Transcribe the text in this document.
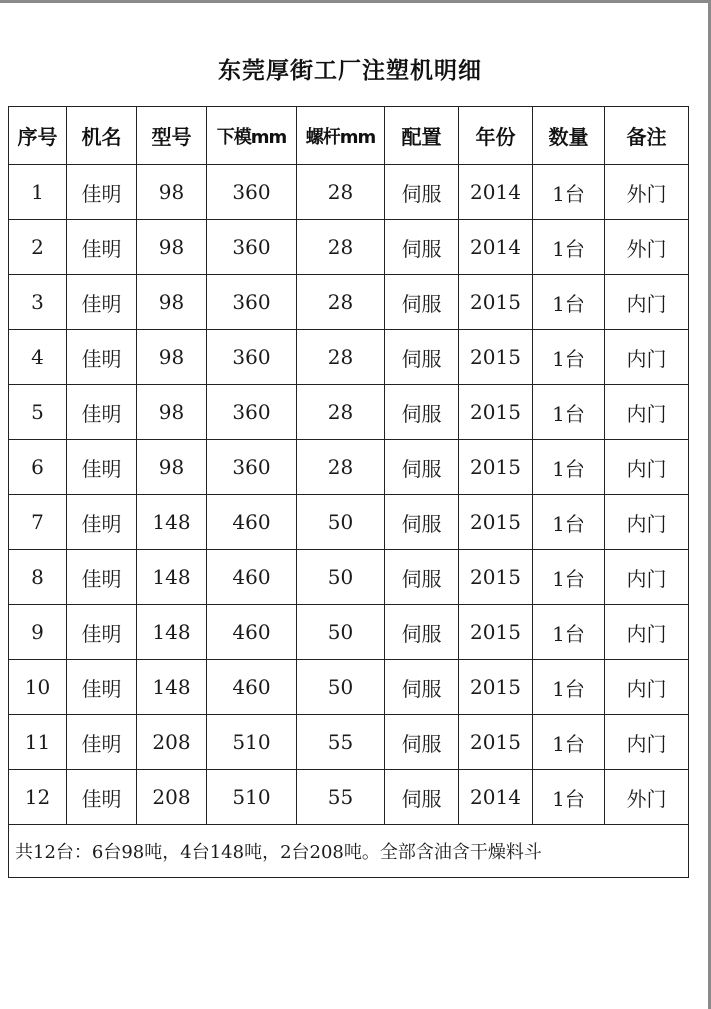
东莞厚街工厂注塑机明细
序号	机名	型号	下模mm	螺杆mm	配置	年份	数量	备注
1	佳明	98	360	28	伺服	2014	1台	外门
2	佳明	98	360	28	伺服	2014	1台	外门
3	佳明	98	360	28	伺服	2015	1台	内门
4	佳明	98	360	28	伺服	2015	1台	内门
5	佳明	98	360	28	伺服	2015	1台	内门
6	佳明	98	360	28	伺服	2015	1台	内门
7	佳明	148	460	50	伺服	2015	1台	内门
8	佳明	148	460	50	伺服	2015	1台	内门
9	佳明	148	460	50	伺服	2015	1台	内门
10	佳明	148	460	50	伺服	2015	1台	内门
11	佳明	208	510	55	伺服	2015	1台	内门
12	佳明	208	510	55	伺服	2014	1台	外门
共12台：6台98吨，4台148吨，2台208吨。全部含油含干燥料斗								
